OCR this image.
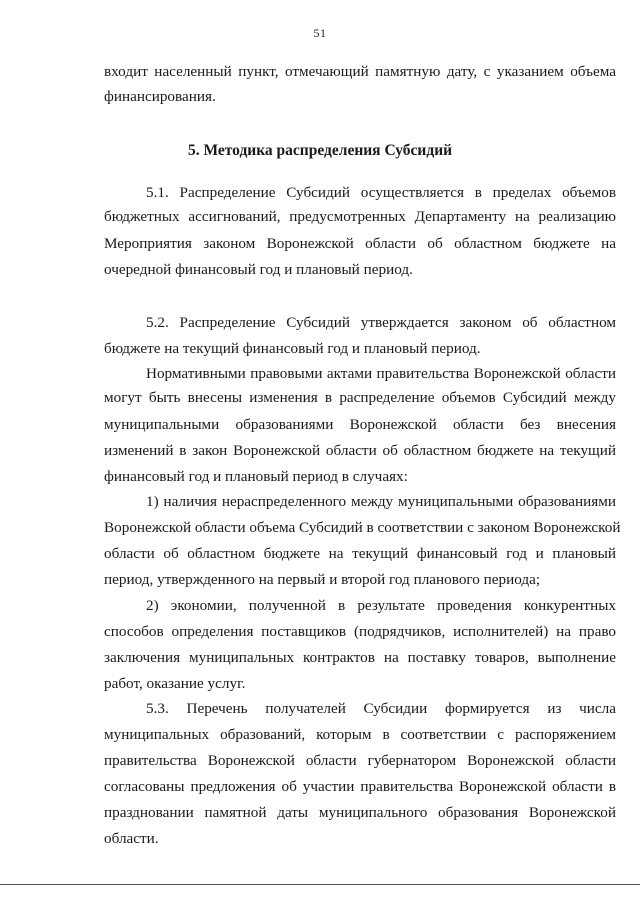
51
5. Методика распределения Субсидий
входит населенный пункт, отмечающий памятную дату, с указанием объема
финансирования.
5.1. Распределение Субсидий осуществляется в пределах объемов
бюджетных ассигнований, предусмотренных Департаменту на реализацию
Мероприятия законом Воронежской области об областном бюджете на
очередной финансовый год и плановый период.
5.2. Распределение Субсидий утверждается законом об областном
бюджете на текущий финансовый год и плановый период.
Нормативными правовыми актами правительства Воронежской области
могут быть внесены изменения в распределение объемов Субсидий между
муниципальными образованиями Воронежской области без внесения
изменений в закон Воронежской области об областном бюджете на текущий
финансовый год и плановый период в случаях:
1) наличия нераспределенного между муниципальными образованиями
Воронежской области объема Субсидий в соответствии с законом Воронежской
области об областном бюджете на текущий финансовый год и плановый
период, утвержденного на первый и второй год планового периода;
2) экономии, полученной в результате проведения конкурентных
способов определения поставщиков (подрядчиков, исполнителей) на право
заключения муниципальных контрактов на поставку товаров, выполнение
работ, оказание услуг.
5.3. Перечень получателей Субсидии формируется из числа
муниципальных образований, которым в соответствии с распоряжением
правительства Воронежской области губернатором Воронежской области
согласованы предложения об участии правительства Воронежской области в
праздновании памятной даты муниципального образования Воронежской
области.
